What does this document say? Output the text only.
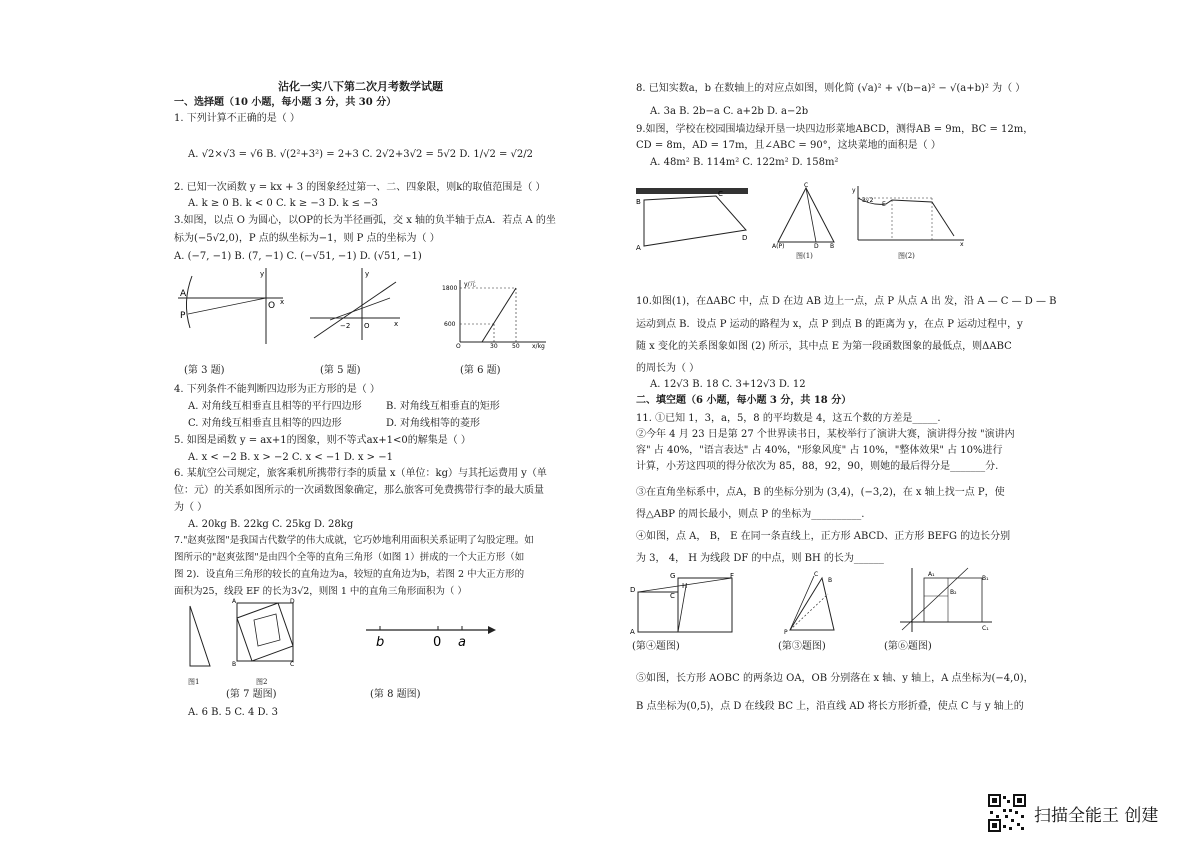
沾化一实八下第二次月考数学试题
一、选择题（10 小题，每小题 3 分，共 30 分）
1. 下列计算不正确的是（ ）
A. √2×√3 = √6 B. √(2²+3²) = 2+3 C. 2√2+3√2 = 5√2 D. 1/√2 = √2/2
2. 已知一次函数 y = kx + 3 的图象经过第一、二、四象限，则k的取值范围是（ ）
A. k ≥ 0 B. k < 0 C. k ≥ −3 D. k ≤ −3
3.如图，以点 O 为圆心，以OP的长为半径画弧，交 x 轴的负半轴于点A．若点 A 的坐
标为(−5√2,0)，P 点的纵坐标为−1，则 P 点的坐标为（ ）
A. (−7, −1) B. (7, −1) C. (−√51, −1) D. (√51, −1)
A
P
O x
y
−2 O	x
y
1800
600
O	30 50 x/kg
y/元
(第 3 题)	(第 5 题)	(第 6 题)
4. 下列条件不能判断四边形为正方形的是（ ）
A. 对角线互相垂直且相等的平行四边形 B. 对角线互相垂直的矩形
C. 对角线互相垂直且相等的四边形	D. 对角线相等的菱形
5. 如图是函数 y = ax+1的图象，则不等式ax+1<0的解集是（ ）
A. x < −2 B. x > −2 C. x < −1 D. x > −1
6. 某航空公司规定，旅客乘机所携带行李的质量 x（单位：kg）与其托运费用 y（单
位：元）的关系如图所示的一次函数图象确定，那么旅客可免费携带行李的最大质量
为（ ）
A. 20kg B. 22kg C. 25kg D. 28kg
7."赵爽弦图"是我国古代数学的伟大成就，它巧妙地利用面积关系证明了勾股定理。如
图所示的"赵爽弦图"是由四个全等的直角三角形（如图 1）拼成的一个大正方形（如
图 2)．设直角三角形的较长的直角边为a，较短的直角边为b，若图 2 中大正方形的
面积为25，线段 EF 的长为3√2，则图 1 中的直角三角形面积为（ ）
图1
D
A
B	C
图2
b	0 a
(第 7 题图)	(第 8 题图)
A. 6 B. 5 C. 4 D. 3
8. 已知实数a，b 在数轴上的对应点如图，则化简 (√a)² + √(b−a)² − √(a+b)² 为（ ）
A. 3a B. 2b−a C. a+2b D. a−2b
9.如图，学校在校园围墙边绿开垦一块四边形菜地ABCD，测得AB = 9m，BC = 12m，
CD = 8m，AD = 17m，且∠ABC = 90°，这块菜地的面积是（ ）
A. 48m² B. 114m² C. 122m² D. 158m²
B
A
D
C
C
A(P)	D B
图(1)
y
3√2
E
x
图(2)
10.如图(1)，在ΔABC 中，点 D 在边 AB 边上一点，点 P 从点 A 出 发，沿 A — C — D — B
运动到点 B．设点 P 运动的路程为 x，点 P 到点 B 的距离为 y，在点 P 运动过程中，y
随 x 变化的关系图象如图 (2) 所示，其中点 E 为第一段函数图象的最低点，则ΔABC
的周长为（ ）
A. 12√3 B. 18 C. 3+12√3 D. 12
二、填空题（6 小题，每小题 3 分，共 18 分）
11. ①已知 1，3，a，5，8 的平均数是 4，这五个数的方差是_____.
②今年 4 月 23 日是第 27 个世界读书日，某校举行了演讲大赛，演讲得分按 "演讲内
容" 占 40%，"语言表达" 占 40%，"形象风度" 占 10%，"整体效果" 占 10%进行
计算，小芳这四项的得分依次为 85，88，92，90，则她的最后得分是_______分.
③在直角坐标系中，点A，B 的坐标分别为 (3,4)，(−3,2)，在 x 轴上找一点 P，使
得△ABP 的周长最小，则点 P 的坐标为__________.
④如图，点 A， B， E 在同一条直线上，正方形 ABCD、正方形 BEFG 的边长分别
为 3， 4， H 为线段 DF 的中点，则 BH 的长为______
D
A
G	F
H
C
C
B
P
A₁
B₁
B₂
C₁
(第④题图)	(第③题图)	(第⑥题图)
⑤如图，长方形 AOBC 的两条边 OA，OB 分别落在 x 轴、y 轴上，A 点坐标为(−4,0)，
B 点坐标为(0,5)，点 D 在线段 BC 上，沿直线 AD 将长方形折叠，使点 C 与 y 轴上的
扫描全能王 创建
